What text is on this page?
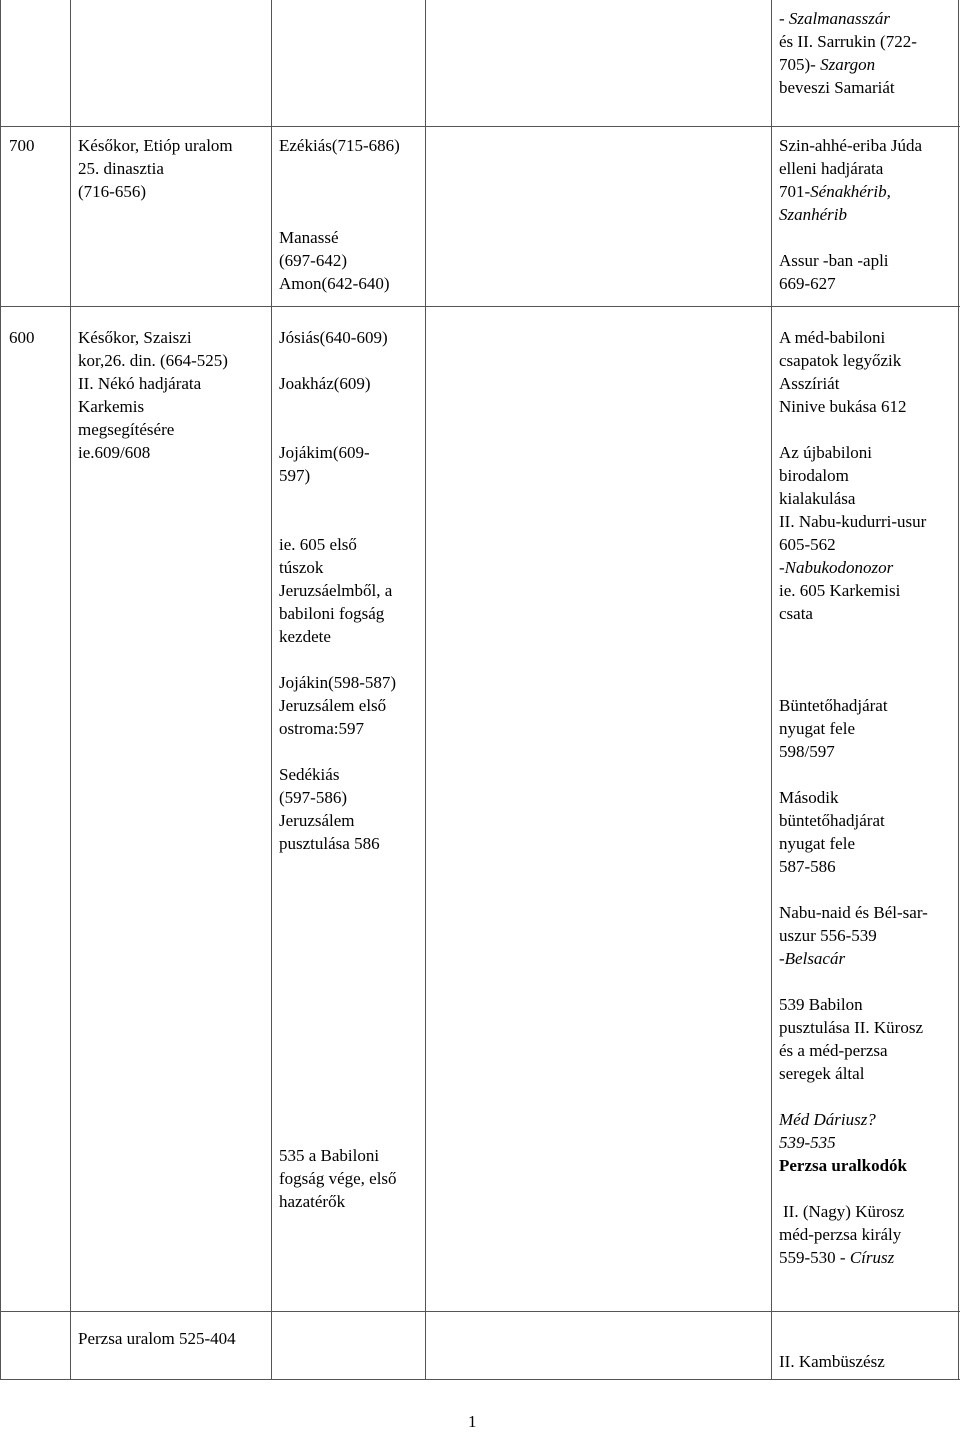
- Szalmanasszár

és II. Sarrukin (722-

705)- Szargon

beveszi Samariát

700	Későkor, Etióp uralom

25. dinasztia

(716-656)

Ezékiás(715-686)

Manassé

(697-642)

Amon(642-640)

Szin-ahhé-eriba Júda

elleni hadjárata

701-Sénakhérib,

Szanhérib

Assur -ban -apli

669-627

600	Későkor, Szaiszi

kor,26. din. (664-525)

II. Nékó hadjárata

Karkemis

megsegítésére

ie.609/608

Jósiás(640-609)

Joakház(609)

Jojákim(609-

597)

ie. 605 első

túszok

Jeruzsáelmből, a

babiloni fogság

kezdete

Jojákin(598-587)

Jeruzsálem első

ostroma:597

Sedékiás

(597-586)

Jeruzsálem

pusztulása 586

535 a Babiloni

fogság vége, első

hazatérők

A méd-babiloni

csapatok legyőzik

Asszíriát

Ninive bukása 612

Az újbabiloni

birodalom

kialakulása

II. Nabu-kudurri-usur

605-562

-Nabukodonozor

ie. 605 Karkemisi

csata

Büntetőhadjárat

nyugat fele

598/597

Második

büntetőhadjárat

nyugat fele

587-586

Nabu-naid és Bél-sar-

uszur 556-539

-Belsacár

539 Babilon

pusztulása II. Kürosz

és a méd-perzsa

seregek által

Méd Dáriusz?

539-535

Perzsa uralkodók

II. (Nagy) Kürosz

méd-perzsa király

559-530 - Círusz

Perzsa uralom 525-404

II. Kambüszész

1
